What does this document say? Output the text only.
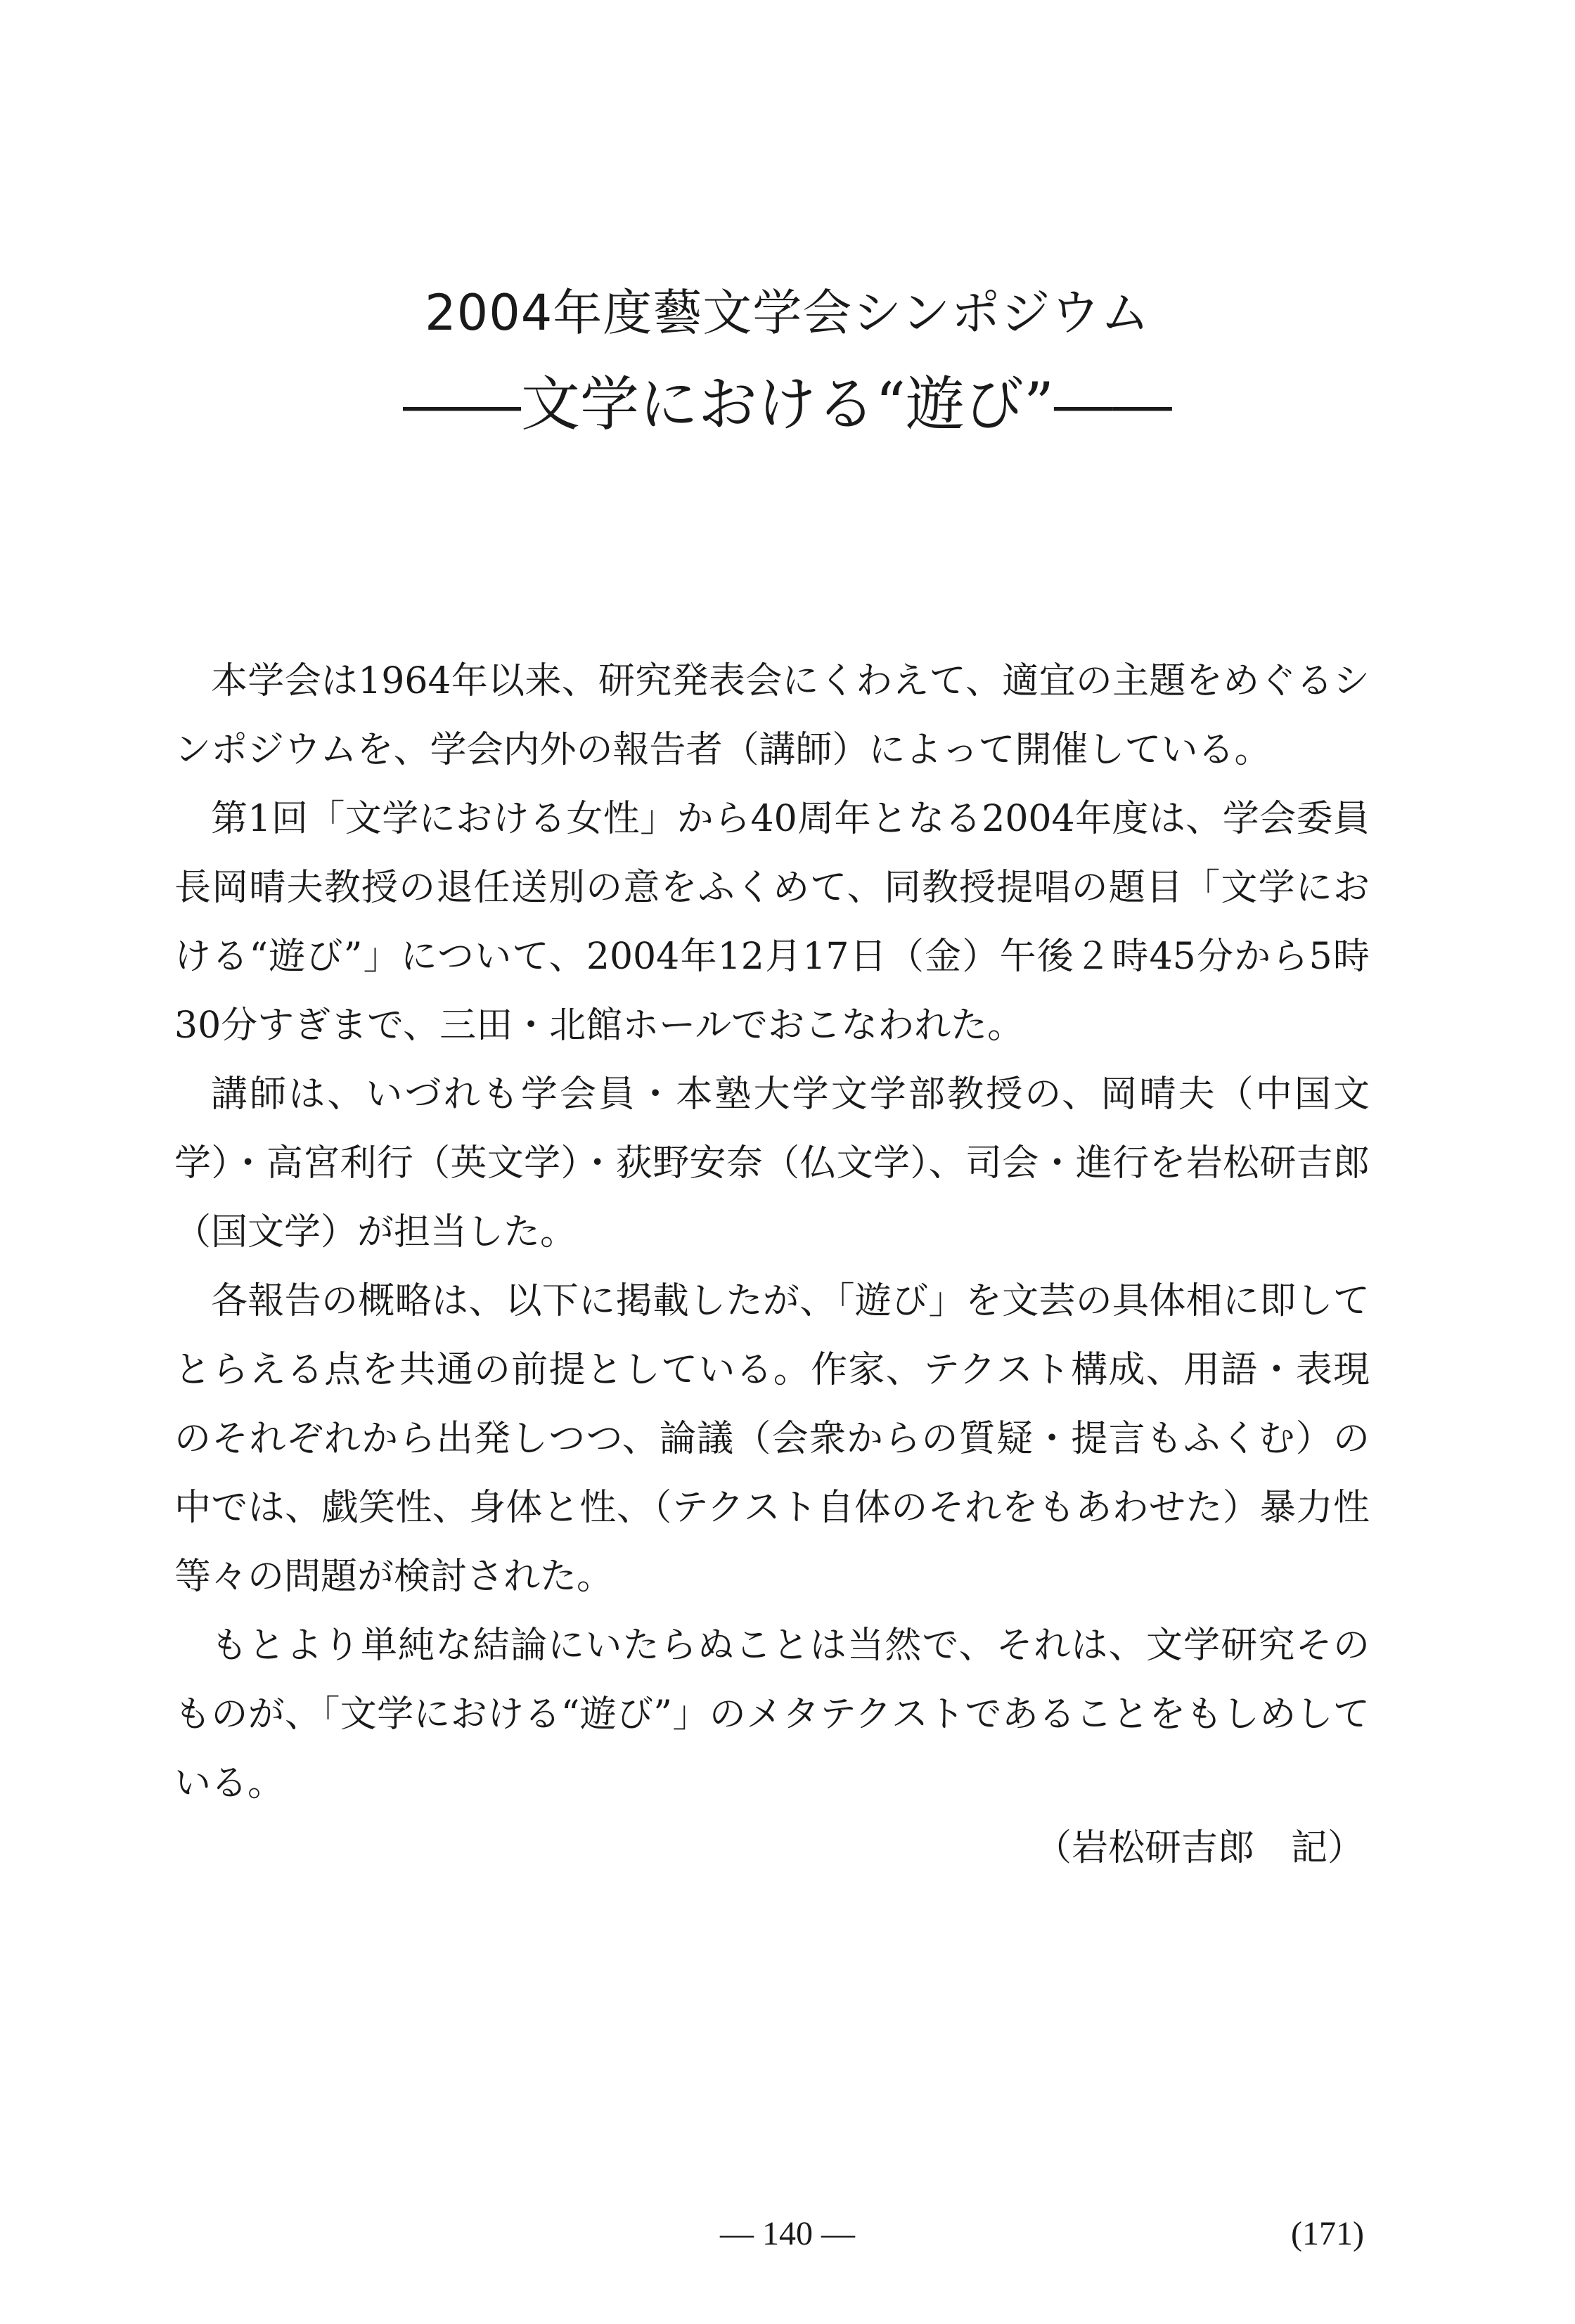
2004年度藝文学会シンポジウム
――文学における“遊び”――

本学会は1964年以来、研究発表会にくわえて、適宜の主題をめぐるシンポジウムを、学会内外の報告者（講師）によって開催している。

第1回「文学における女性」から40周年となる2004年度は、学会委員長岡晴夫教授の退任送別の意をふくめて、同教授提唱の題目「文学における“遊び”」について、2004年12月17日（金）午後２時45分から5時30分すぎまで、三田・北館ホールでおこなわれた。

講師は、いづれも学会員・本塾大学文学部教授の、岡晴夫（中国文学）・高宮利行（英文学）・荻野安奈（仏文学）、司会・進行を岩松研吉郎（国文学）が担当した。

各報告の概略は、以下に掲載したが、「遊び」を文芸の具体相に即してとらえる点を共通の前提としている。作家、テクスト構成、用語・表現のそれぞれから出発しつつ、論議（会衆からの質疑・提言もふくむ）の中では、戯笑性、身体と性、（テクスト自体のそれをもあわせた）暴力性等々の問題が検討された。

もとより単純な結論にいたらぬことは当然で、それは、文学研究そのものが、「文学における“遊び”」のメタテクストであることをもしめしている。

（岩松研吉郎　記）
― 140 ―	(171)
